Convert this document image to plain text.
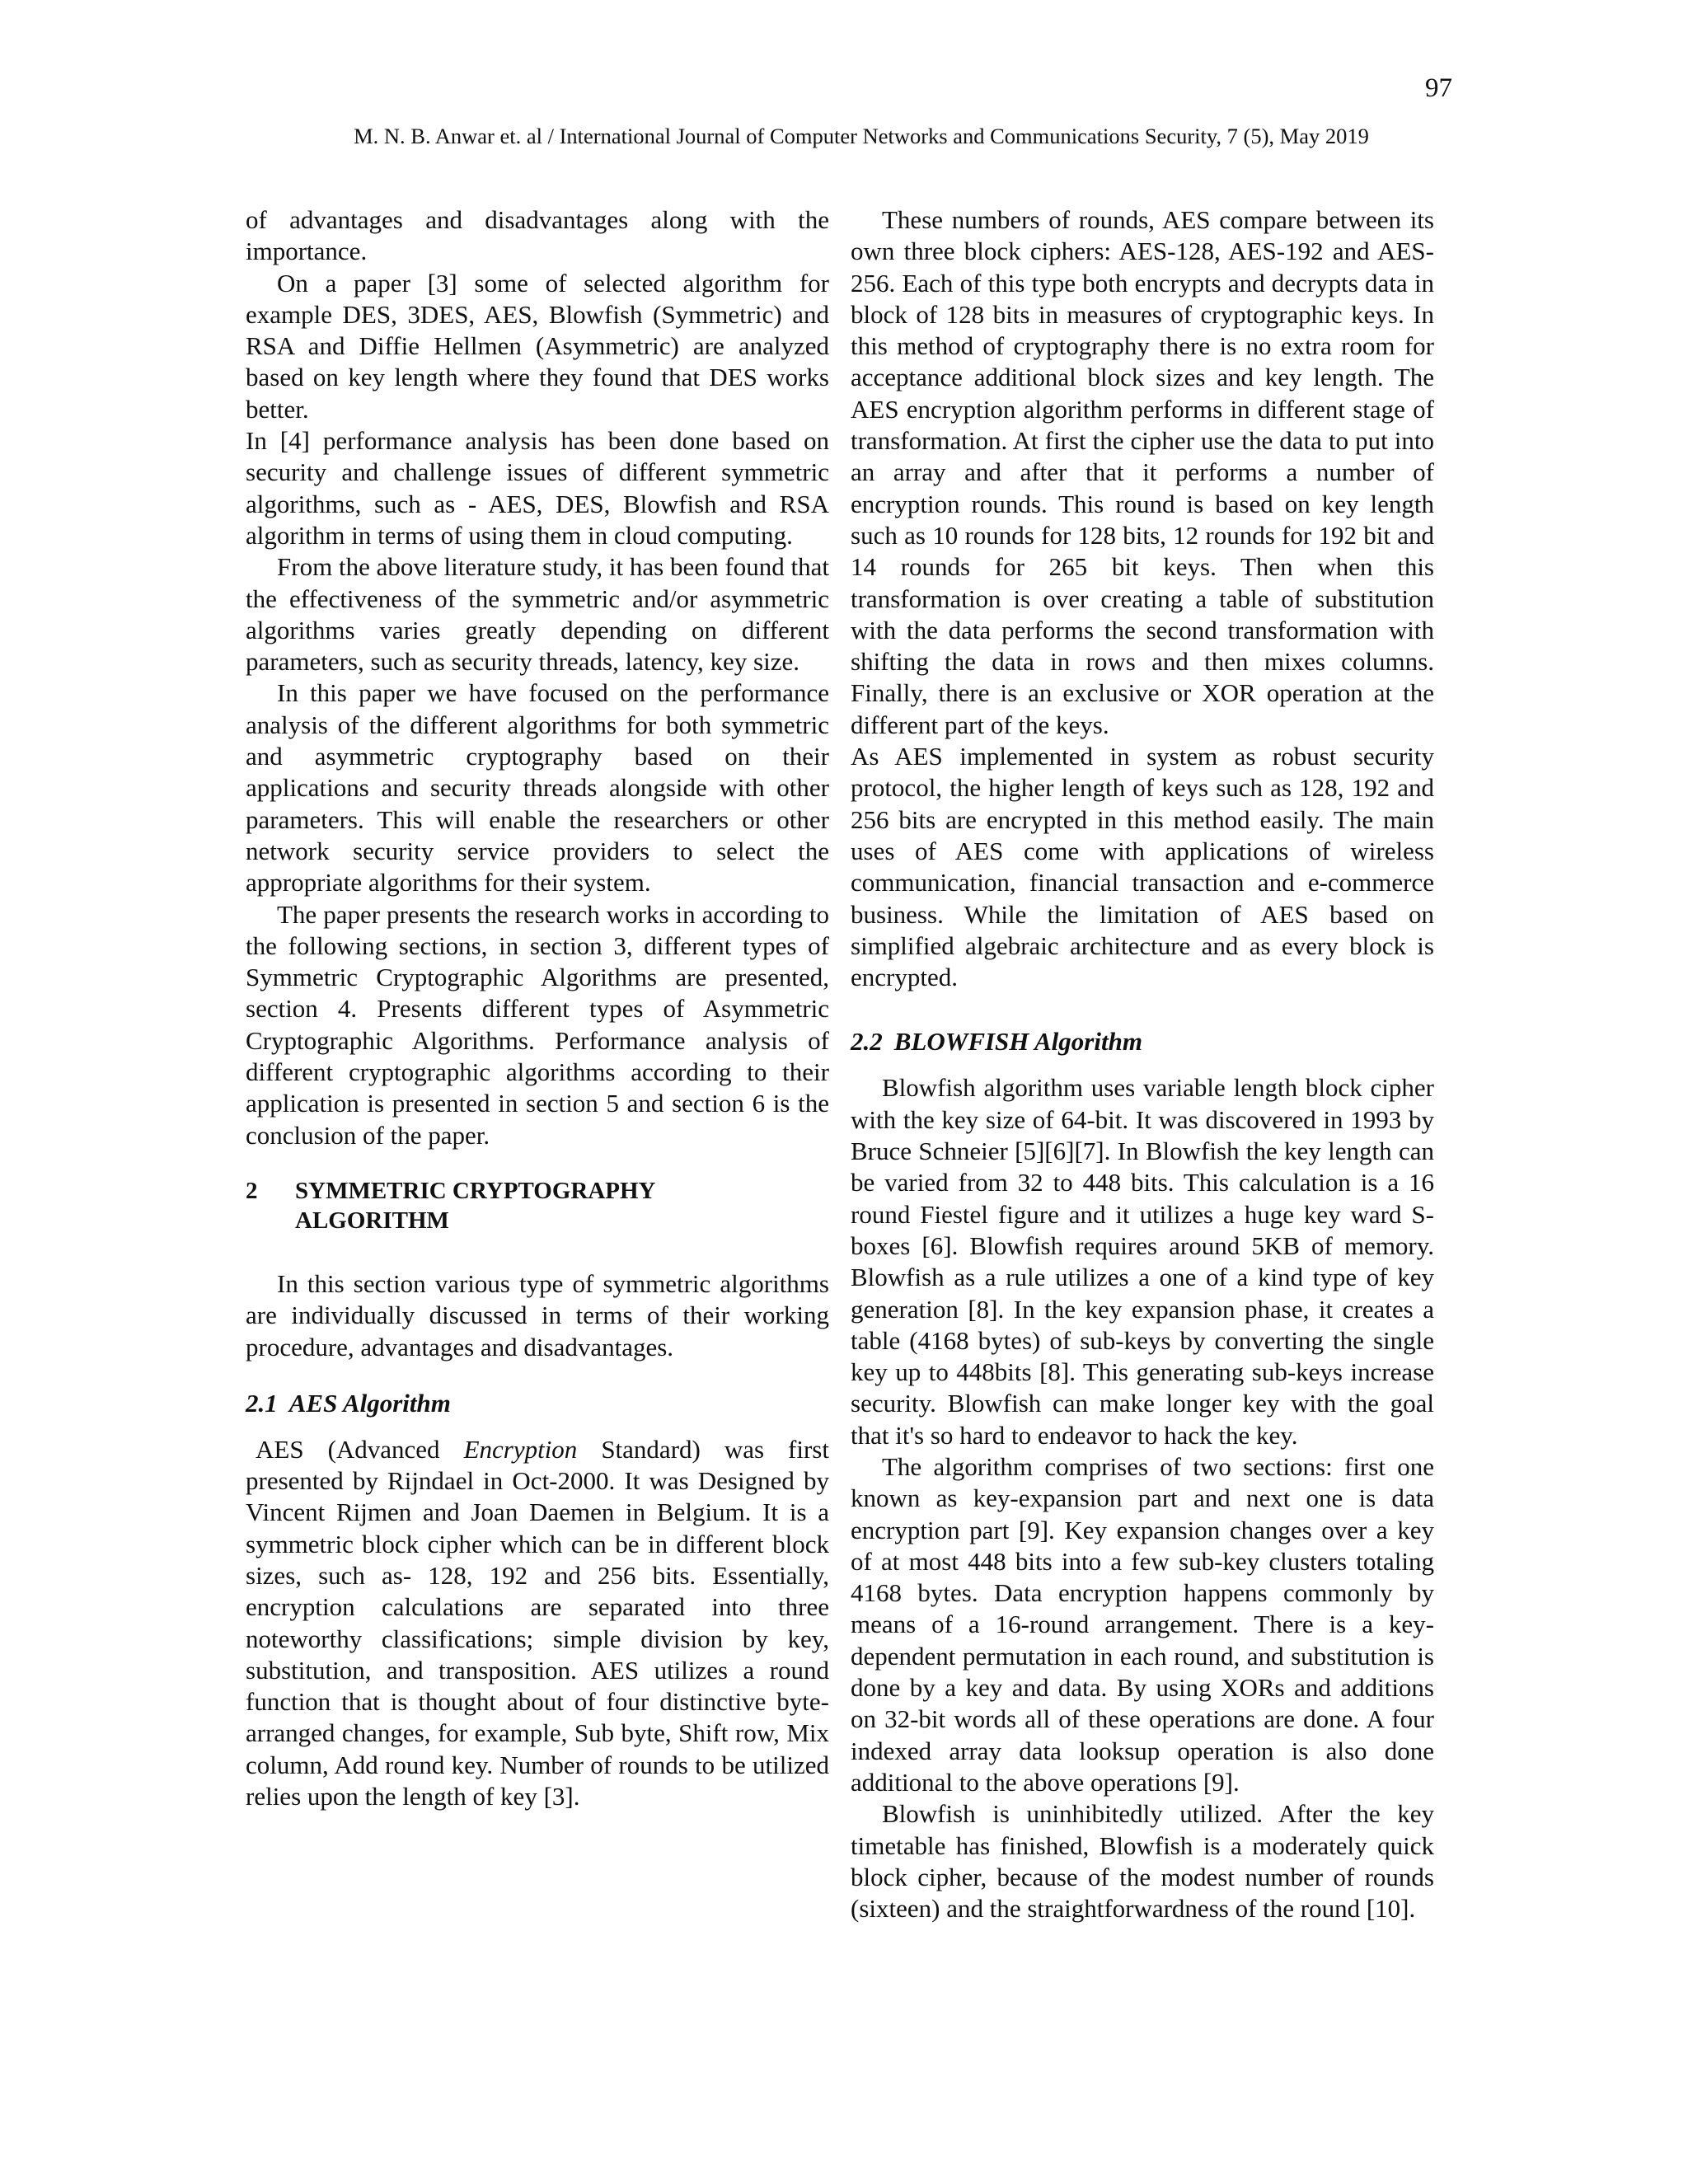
97
M. N. B. Anwar et. al / International Journal of Computer Networks and Communications Security, 7 (5), May 2019

of advantages and disadvantages along with the importance.

On a paper [3] some of selected algorithm for example DES, 3DES, AES, Blowfish (Symmetric) and RSA and Diffie Hellmen (Asymmetric) are analyzed based on key length where they found that DES works better.

In [4] performance analysis has been done based on security and challenge issues of different symmetric algorithms, such as - AES, DES, Blowfish and RSA algorithm in terms of using them in cloud computing.

From the above literature study, it has been found that the effectiveness of the symmetric and/or asymmetric algorithms varies greatly depending on different parameters, such as security threads, latency, key size.

In this paper we have focused on the performance analysis of the different algorithms for both symmetric and asymmetric cryptography based on their applications and security threads alongside with other parameters. This will enable the researchers or other network security service providers to select the appropriate algorithms for their system.

The paper presents the research works in according to the following sections, in section 3, different types of Symmetric Cryptographic Algorithms are presented, section 4. Presents different types of Asymmetric Cryptographic Algorithms. Performance analysis of different cryptographic algorithms according to their application is presented in section 5 and section 6 is the conclusion of the paper.

2	SYMMETRIC CRYPTOGRAPHY
ALGORITHM

In this section various type of symmetric algorithms are individually discussed in terms of their working procedure, advantages and disadvantages.

2.1 AES Algorithm

AES (Advanced Encryption Standard) was first presented by Rijndael in Oct-2000. It was Designed by Vincent Rijmen and Joan Daemen in Belgium. It is a symmetric block cipher which can be in different block sizes, such as- 128, 192 and 256 bits. Essentially, encryption calculations are separated into three noteworthy classifications; simple division by key, substitution, and transposition. AES utilizes a round function that is thought about of four distinctive byte-arranged changes, for example, Sub byte, Shift row, Mix column, Add round key. Number of rounds to be utilized relies upon the length of key [3].

These numbers of rounds, AES compare between its own three block ciphers: AES-128, AES-192 and AES- 256. Each of this type both encrypts and decrypts data in block of 128 bits in measures of cryptographic keys. In this method of cryptography there is no extra room for acceptance additional block sizes and key length. The AES encryption algorithm performs in different stage of transformation. At first the cipher use the data to put into an array and after that it performs a number of encryption rounds. This round is based on key length such as 10 rounds for 128 bits, 12 rounds for 192 bit and 14 rounds for 265 bit keys. Then when this transformation is over creating a table of substitution with the data performs the second transformation with shifting the data in rows and then mixes columns. Finally, there is an exclusive or XOR operation at the different part of the keys.

As AES implemented in system as robust security protocol, the higher length of keys such as 128, 192 and 256 bits are encrypted in this method easily. The main uses of AES come with applications of wireless communication, financial transaction and e-commerce business. While the limitation of AES based on simplified algebraic architecture and as every block is encrypted.

2.2 BLOWFISH Algorithm

Blowfish algorithm uses variable length block cipher with the key size of 64-bit. It was discovered in 1993 by Bruce Schneier [5][6][7]. In Blowfish the key length can be varied from 32 to 448 bits. This calculation is a 16 round Fiestel figure and it utilizes a huge key ward S-boxes [6]. Blowfish requires around 5KB of memory. Blowfish as a rule utilizes a one of a kind type of key generation [8]. In the key expansion phase, it creates a table (4168 bytes) of sub-keys by converting the single key up to 448bits [8]. This generating sub-keys increase security. Blowfish can make longer key with the goal that it's so hard to endeavor to hack the key.

The algorithm comprises of two sections: first one known as key-expansion part and next one is data encryption part [9]. Key expansion changes over a key of at most 448 bits into a few sub-key clusters totaling 4168 bytes. Data encryption happens commonly by means of a 16-round arrangement. There is a key-dependent permutation in each round, and substitution is done by a key and data. By using XORs and additions on 32-bit words all of these operations are done. A four indexed array data looksup operation is also done additional to the above operations [9].

Blowfish is uninhibitedly utilized. After the key timetable has finished, Blowfish is a moderately quick block cipher, because of the modest number of rounds (sixteen) and the straightforwardness of the round [10].
